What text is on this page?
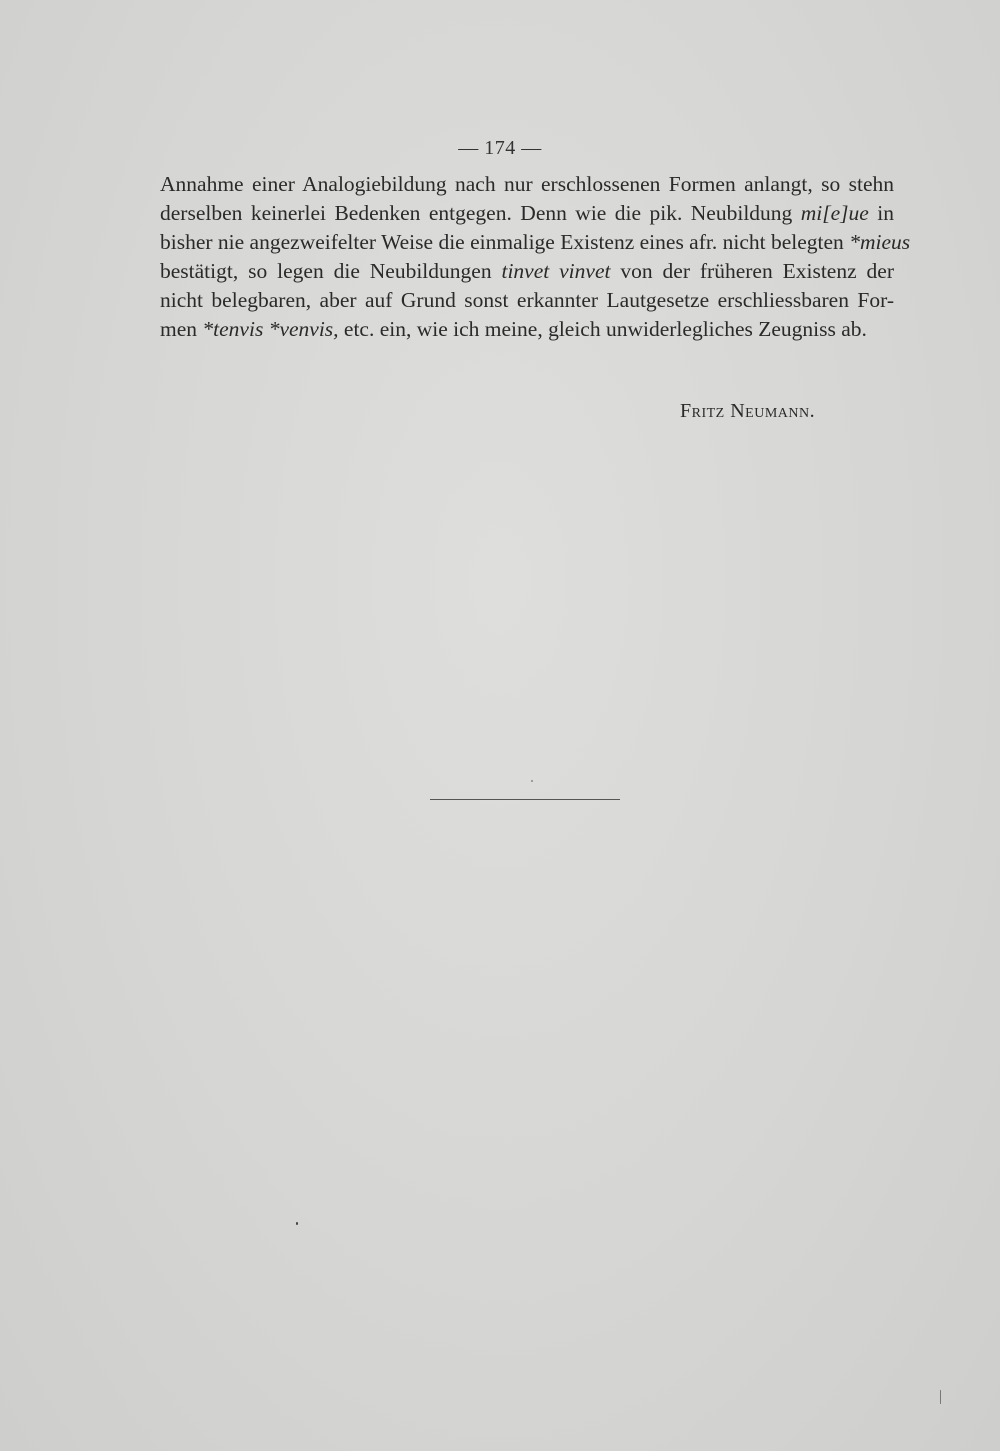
— 174 —
Annahme einer Analogiebildung nach nur erschlossenen Formen anlangt, so stehn
derselben keinerlei Bedenken entgegen. Denn wie die pik. Neubildung mi[e]ue in
bisher nie angezweifelter Weise die einmalige Existenz eines afr. nicht belegten *mieus
bestätigt, so legen die Neubildungen tinvet vinvet von der früheren Existenz der
nicht belegbaren, aber auf Grund sonst erkannter Lautgesetze erschliessbaren For-
men *tenvis *venvis, etc. ein, wie ich meine, gleich unwiderlegliches Zeugniss ab.
Fritz Neumann.
